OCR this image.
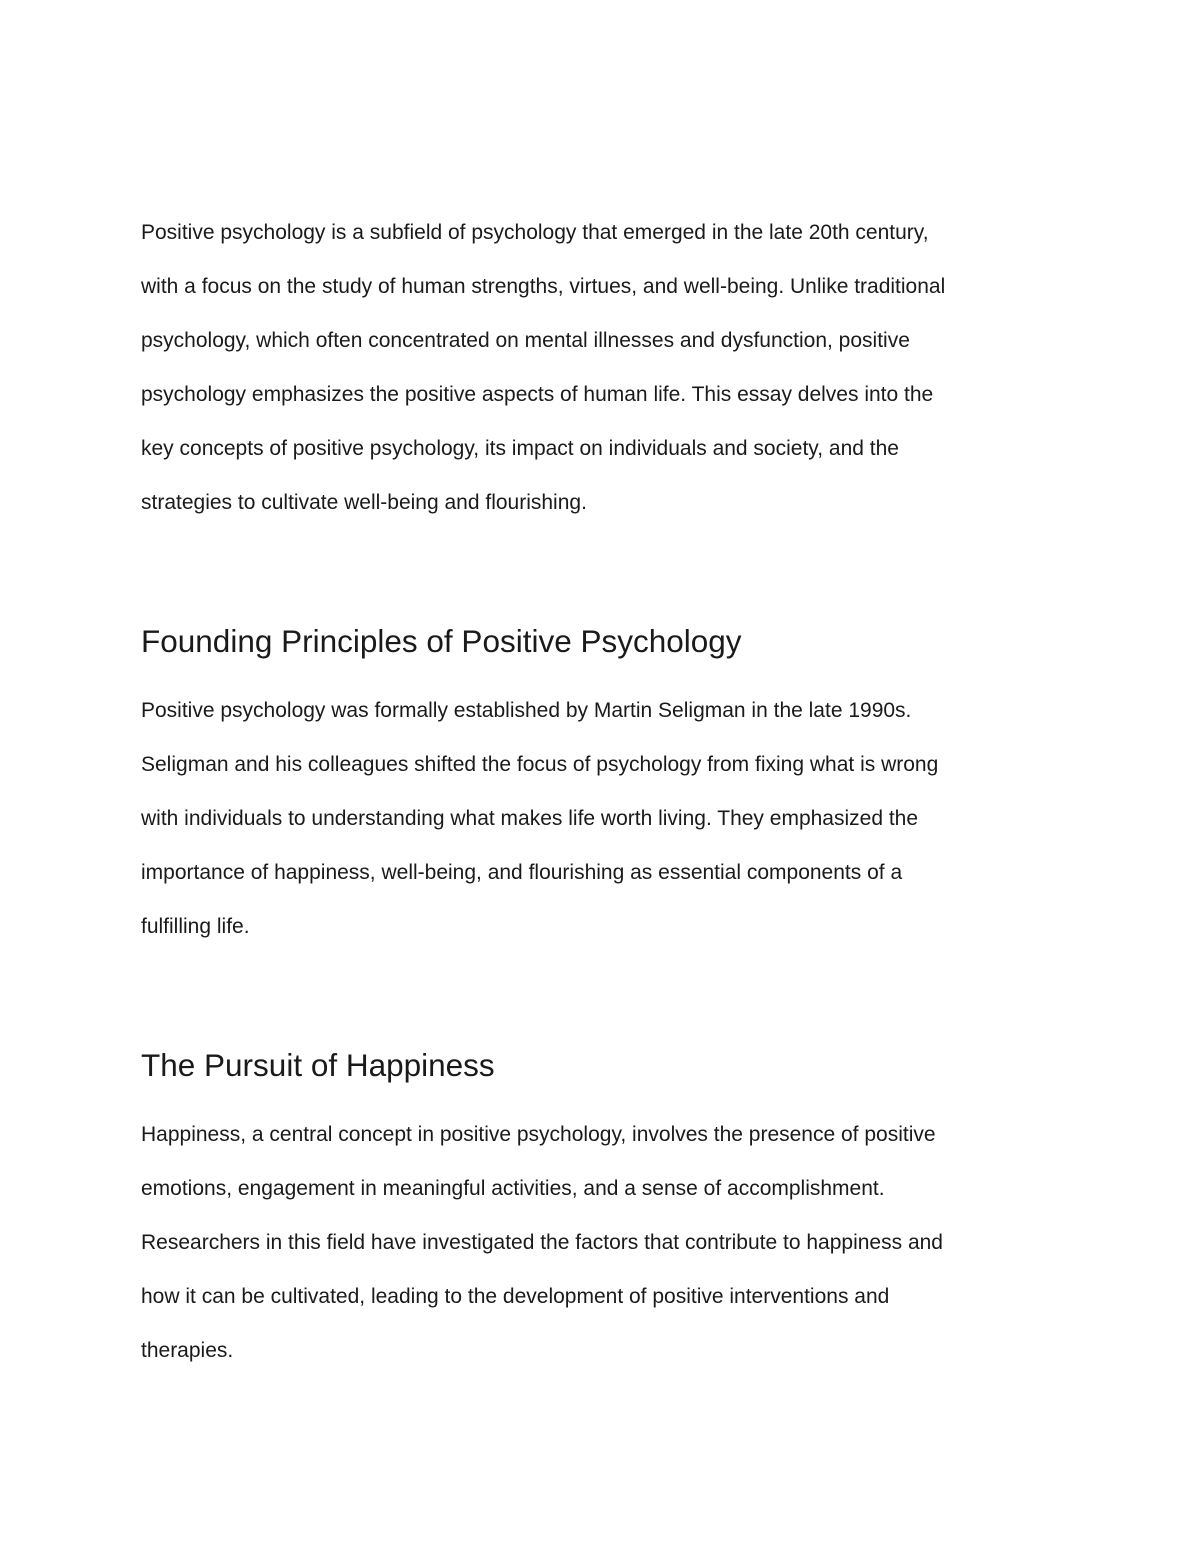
Positive psychology is a subfield of psychology that emerged in the late 20th century,
with a focus on the study of human strengths, virtues, and well-being. Unlike traditional
psychology, which often concentrated on mental illnesses and dysfunction, positive
psychology emphasizes the positive aspects of human life. This essay delves into the
key concepts of positive psychology, its impact on individuals and society, and the
strategies to cultivate well-being and flourishing.

Founding Principles of Positive Psychology

Positive psychology was formally established by Martin Seligman in the late 1990s.
Seligman and his colleagues shifted the focus of psychology from fixing what is wrong
with individuals to understanding what makes life worth living. They emphasized the
importance of happiness, well-being, and flourishing as essential components of a
fulfilling life.

The Pursuit of Happiness

Happiness, a central concept in positive psychology, involves the presence of positive
emotions, engagement in meaningful activities, and a sense of accomplishment.
Researchers in this field have investigated the factors that contribute to happiness and
how it can be cultivated, leading to the development of positive interventions and
therapies.
